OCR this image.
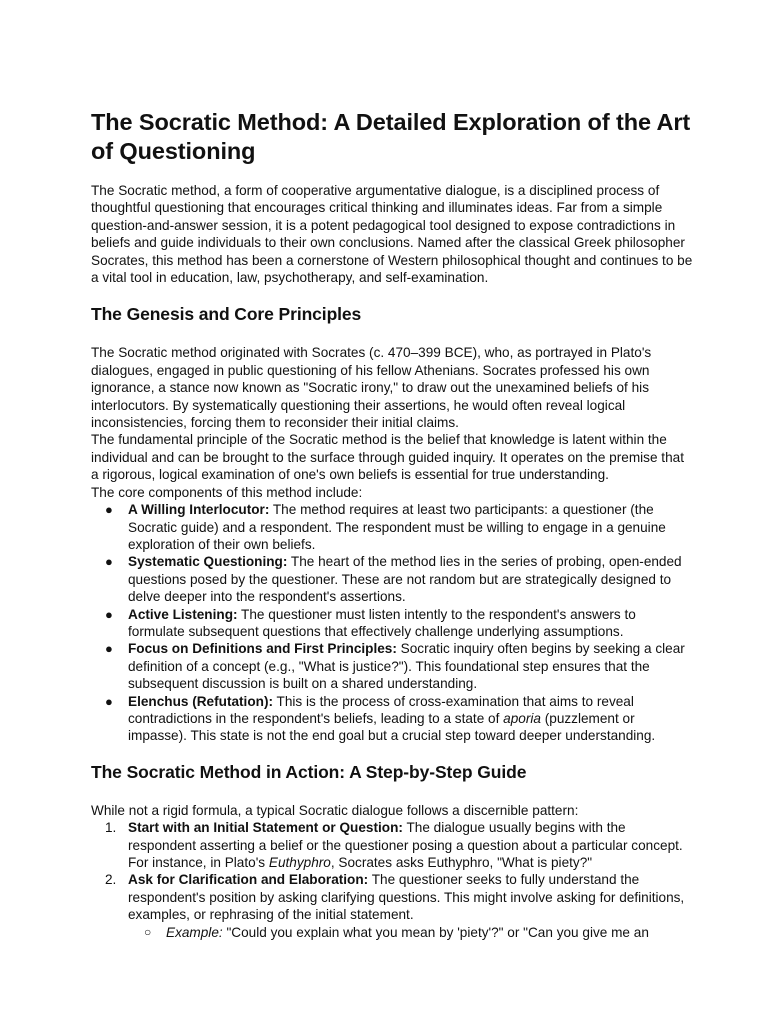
The Socratic Method: A Detailed Exploration of the Art of Questioning

The Socratic method, a form of cooperative argumentative dialogue, is a disciplined process of thoughtful questioning that encourages critical thinking and illuminates ideas. Far from a simple question-and-answer session, it is a potent pedagogical tool designed to expose contradictions in beliefs and guide individuals to their own conclusions. Named after the classical Greek philosopher Socrates, this method has been a cornerstone of Western philosophical thought and continues to be a vital tool in education, law, psychotherapy, and self-examination.

The Genesis and Core Principles

The Socratic method originated with Socrates (c. 470–399 BCE), who, as portrayed in Plato's dialogues, engaged in public questioning of his fellow Athenians. Socrates professed his own ignorance, a stance now known as "Socratic irony," to draw out the unexamined beliefs of his interlocutors. By systematically questioning their assertions, he would often reveal logical inconsistencies, forcing them to reconsider their initial claims.

The fundamental principle of the Socratic method is the belief that knowledge is latent within the individual and can be brought to the surface through guided inquiry. It operates on the premise that a rigorous, logical examination of one's own beliefs is essential for true understanding.

The core components of this method include:

● A Willing Interlocutor: The method requires at least two participants: a questioner (the Socratic guide) and a respondent. The respondent must be willing to engage in a genuine exploration of their own beliefs.
● Systematic Questioning: The heart of the method lies in the series of probing, open-ended questions posed by the questioner. These are not random but are strategically designed to delve deeper into the respondent's assertions.
● Active Listening: The questioner must listen intently to the respondent's answers to formulate subsequent questions that effectively challenge underlying assumptions.
● Focus on Definitions and First Principles: Socratic inquiry often begins by seeking a clear definition of a concept (e.g., "What is justice?"). This foundational step ensures that the subsequent discussion is built on a shared understanding.
● Elenchus (Refutation): This is the process of cross-examination that aims to reveal contradictions in the respondent's beliefs, leading to a state of aporia (puzzlement or impasse). This state is not the end goal but a crucial step toward deeper understanding.
The Socratic Method in Action: A Step-by-Step Guide

While not a rigid formula, a typical Socratic dialogue follows a discernible pattern:

1. Start with an Initial Statement or Question: The dialogue usually begins with the respondent asserting a belief or the questioner posing a question about a particular concept. For instance, in Plato's Euthyphro, Socrates asks Euthyphro, "What is piety?"
2. Ask for Clarification and Elaboration: The questioner seeks to fully understand the respondent's position by asking clarifying questions. This might involve asking for definitions, examples, or rephrasing of the initial statement.
○ Example: "Could you explain what you mean by 'piety'?" or "Can you give me an
